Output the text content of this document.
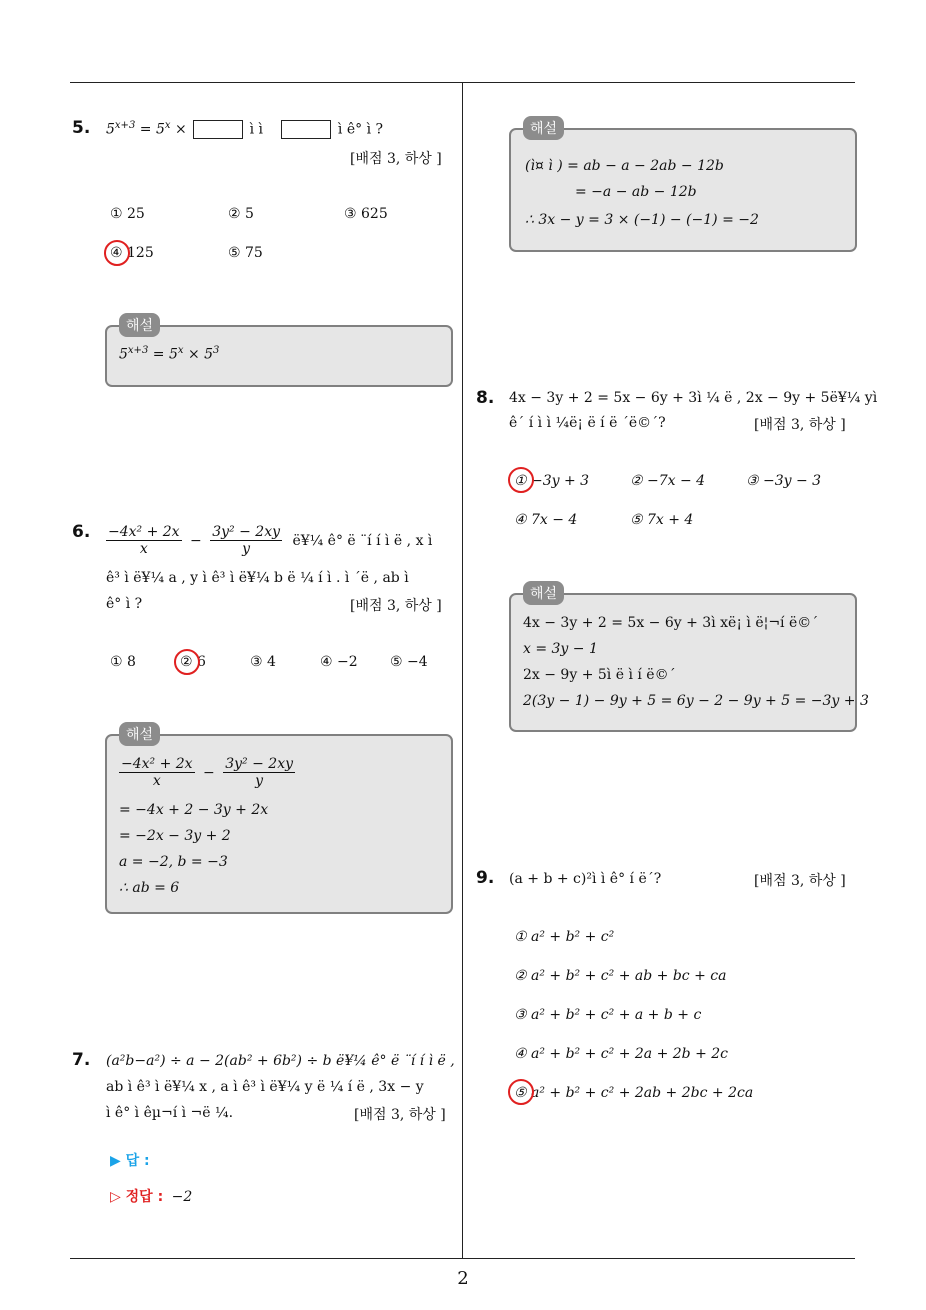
5. $5^{x+3} = 5^x$ ×	ì ì	ì ê° ì ?
[배점 3, 하상 ]
① 25	② 5	③ 625
④ 125	⑤ 75
$5^{x+3} = 5^x \times 5^3$
해설
6. $\frac{\text{−4x² + 2x}}{x} - \frac{\text{3y² − 2xy}}{y}$ ë¥¼ ê° ë ¨í í ì ë , x ì
ê³ ì ë¥¼ a , y ì ê³ ì ë¥¼ b ë ¼ í ì . ì ´ë , ab ì
ê° ì ?	[배점 3, 하상 ]
① 8	② 6	③ 4	④ −2 ⑤ −4
$\frac{\text{−4x² + 2x}}{x} - \frac{\text{3y² − 2xy}}{y}$
= −4x + 2 − 3y + 2x
= −2x − 3y + 2
a = −2, b = −3
∴ ab = 6
해설
7. (a²b−a²) ÷ a − 2(ab² + 6b²) ÷ b ë¥¼ ê° ë ¨í í ì ë ,
ab ì ê³ ì ë¥¼ x , a ì ê³ ì ë¥¼ y ë ¼ í ë , 3x − y
ì ê° ì êµ¬í ì ¬ë ¼.	[배점 3, 하상 ]
▶ 답 :
▷ 정답 : −2
(ì¤ ì ) = ab − a − 2ab − 12b
= −a − ab − 12b
∴ 3x − y = 3 × (−1) − (−1) = −2
해설
8. 4x − 3y + 2 = 5x − 6y + 3ì ¼ ë , 2x − 9y + 5ë¥¼ yì
ê´ í ì ì ¼ë¡ ë í ë ´ë©´?	[배점 3, 하상 ]
① −3y + 3	② −7x − 4	③ −3y − 3
④ 7x − 4	⑤ 7x + 4
4x − 3y + 2 = 5x − 6y + 3ì xë¡ ì ë¦¬í ë©´
x = 3y − 1
2x − 9y + 5ì ë ì í ë©´
2(3y − 1) − 9y + 5 = 6y − 2 − 9y + 5 = −3y + 3
해설
9. (a + b + c)²ì ì ê° í ë´?	[배점 3, 하상 ]
① a² + b² + c²
② a² + b² + c² + ab + bc + ca
③ a² + b² + c² + a + b + c
④ a² + b² + c² + 2a + 2b + 2c
⑤ a² + b² + c² + 2ab + 2bc + 2ca
2
